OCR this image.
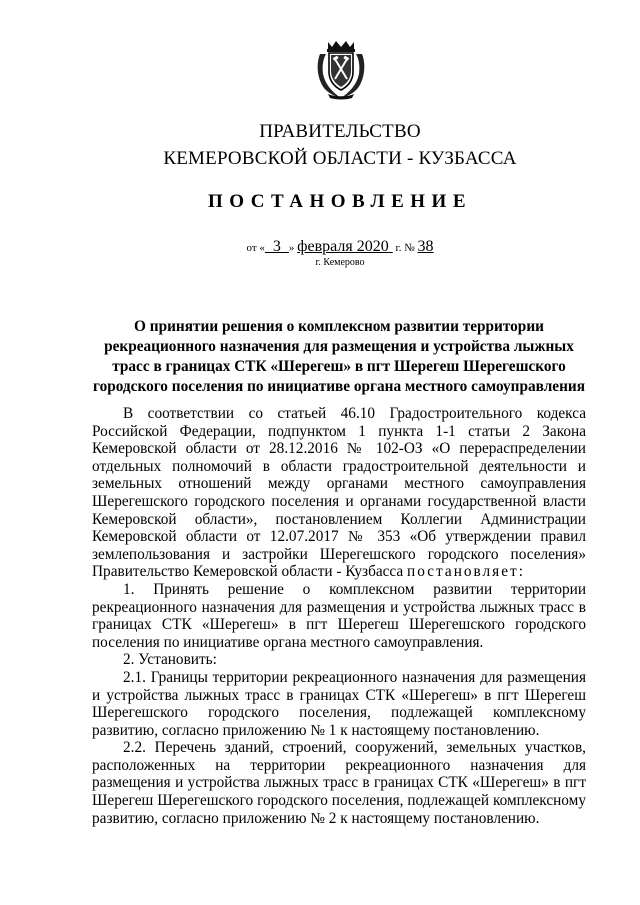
ПРАВИТЕЛЬСТВО
КЕМЕРОВСКОЙ ОБЛАСТИ - КУЗБАССА
ПОСТАНОВЛЕНИЕ
от «  3  » февраля 2020  г. № 38
г. Кемерово
О принятии решения о комплексном развитии территории рекреационного назначения для размещения и устройства лыжных трасс в границах СТК «Шерегеш» в пгт Шерегеш Шерегешского городского поселения по инициативе органа местного самоуправления

В соответствии со статьей 46.10 Градостроительного кодекса Российской Федерации, подпунктом 1 пункта 1-1 статьи 2 Закона Кемеровской области от 28.12.2016 № 102-ОЗ «О перераспределении отдельных полномочий в области градостроительной деятельности и земельных отношений между органами местного самоуправления Шерегешского городского поселения и органами государственной власти Кемеровской области», постановлением Коллегии Администрации Кемеровской области от 12.07.2017 № 353 «Об утверждении правил землепользования и застройки Шерегешского городского поселения» Правительство Кемеровской области - Кузбасса постановляет:

1. Принять решение о комплексном развитии территории рекреационного назначения для размещения и устройства лыжных трасс в границах СТК «Шерегеш» в пгт Шерегеш Шерегешского городского поселения по инициативе органа местного самоуправления.

2. Установить:

2.1. Границы территории рекреационного назначения для размещения и устройства лыжных трасс в границах СТК «Шерегеш» в пгт Шерегеш Шерегешского городского поселения, подлежащей комплексному развитию, согласно приложению № 1 к настоящему постановлению.

2.2. Перечень зданий, строений, сооружений, земельных участков, расположенных на территории рекреационного назначения для размещения и устройства лыжных трасс в границах СТК «Шерегеш» в пгт Шерегеш Шерегешского городского поселения, подлежащей комплексному развитию, согласно приложению № 2 к настоящему постановлению.
